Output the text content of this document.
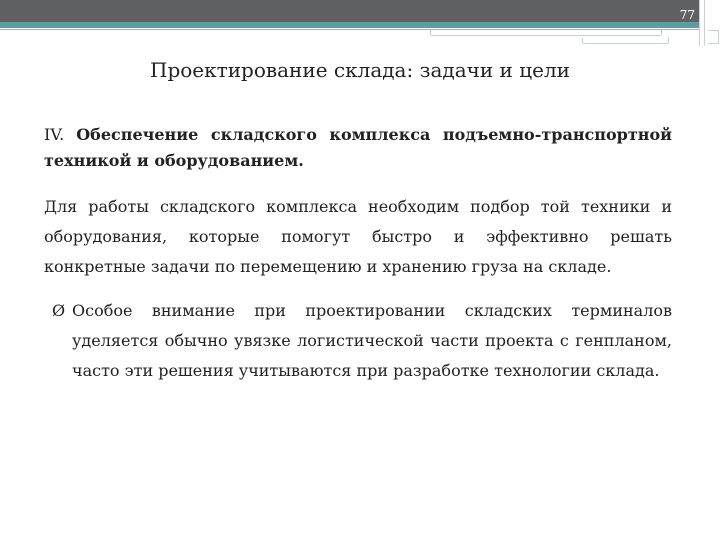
77
Проектирование склада: задачи и цели

IV. Обеспечение складского комплекса подъемно-транспортной техникой и оборудованием.

Для работы складского комплекса необходим подбор той техники и оборудования, которые помогут быстро и эффективно решать конкретные задачи по перемещению и хранению груза на складе.

Ø Особое внимание при проектировании складских терминалов уделяется обычно увязке логистической части проекта с генпланом, часто эти решения учитываются при разработке технологии склада.
